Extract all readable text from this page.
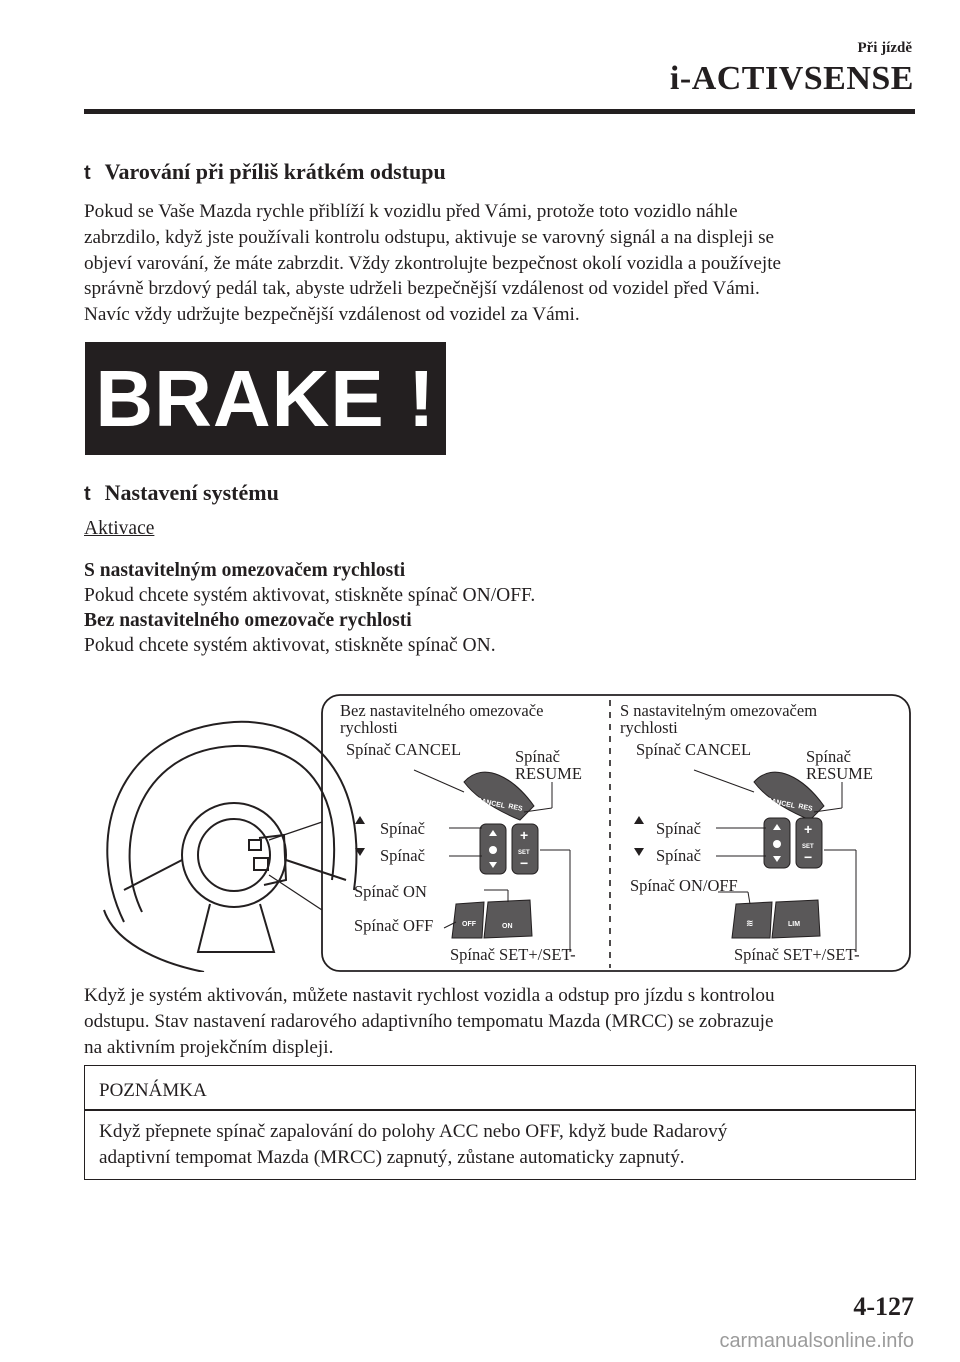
Při jízdě
i-ACTIVSENSE
t Varování při příliš krátkém odstupu

Pokud se Vaše Mazda rychle přiblíží k vozidlu před Vámi, protože toto vozidlo náhle

zabrzdilo, když jste používali kontrolu odstupu, aktivuje se varovný signál a na displeji se

objeví varování, že máte zabrzdit. Vždy zkontrolujte bezpečnost okolí vozidla a používejte

správně brzdový pedál tak, abyste udrželi bezpečnější vzdálenost od vozidel před Vámi.

Navíc vždy udržujte bezpečnější vzdálenost od vozidel za Vámi.

BRAKE !
t Nastavení systému
Aktivace
S nastavitelným omezovačem rychlosti
Pokud chcete systém aktivovat, stiskněte spínač ON/OFF.
Bez nastavitelného omezovače rychlosti
Pokud chcete systém aktivovat, stiskněte spínač ON.
CANCEL RES
+
SET
−
OFF	ON
CANCEL RES
+
SET
−
≋	LIM
Bez nastavitelného omezovače
rychlosti
Spínač CANCEL	Spínač
RESUME
Spínač
Spínač
Spínač ON
Spínač OFF
Spínač SET+/SET-
S nastavitelným omezovačem
rychlosti
Spínač CANCEL	Spínač
RESUME
Spínač
Spínač
Spínač ON/OFF
Spínač SET+/SET-

Když je systém aktivován, můžete nastavit rychlost vozidla a odstup pro jízdu s kontrolou

odstupu. Stav nastavení radarového adaptivního tempomatu Mazda (MRCC) se zobrazuje

na aktivním projekčním displeji.

POZNÁMKA
Když přepnete spínač zapalování do polohy ACC nebo OFF, když bude Radarový
adaptivní tempomat Mazda (MRCC) zapnutý, zůstane automaticky zapnutý.
4-127
carmanualsonline.info
